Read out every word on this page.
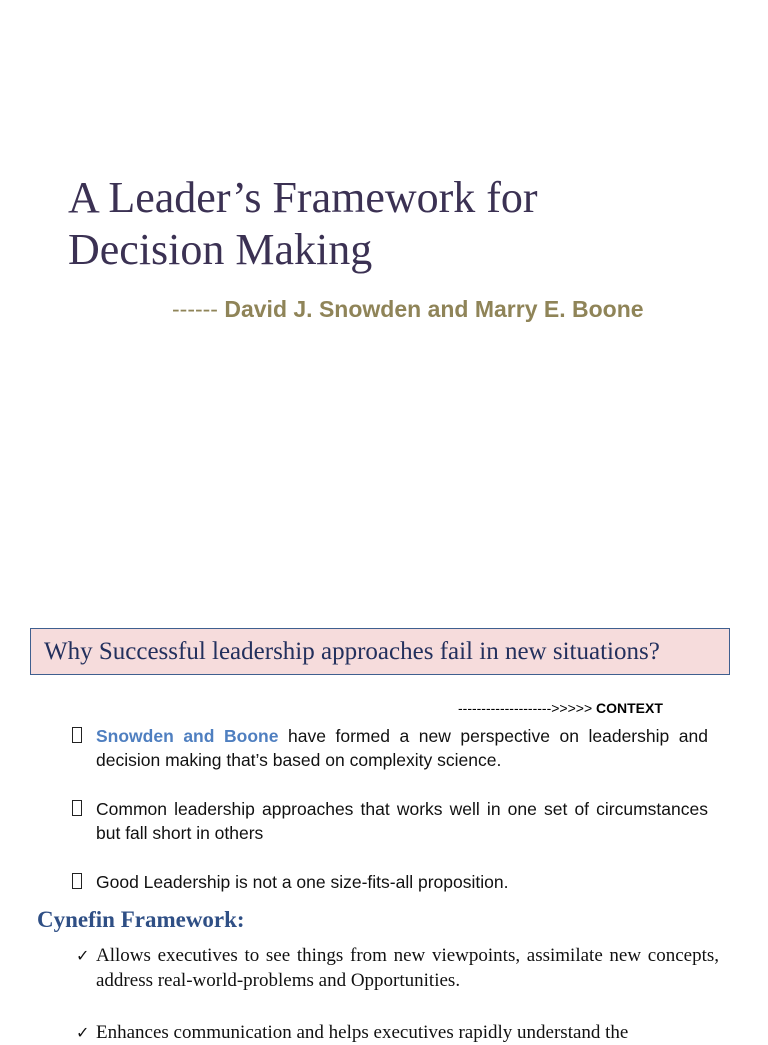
A Leader’s Framework for
Decision Making
------ David J. Snowden and Marry E. Boone
Why Successful leadership approaches fail in new situations?
-------------------->>>>> CONTEXT
Snowden and Boone have formed a new perspective on leadership and decision making that’s based on complexity science.
Common leadership approaches that works well in one set of circumstances but fall short in others
Good Leadership is not a one size-fits-all proposition.
Cynefin Framework:
✓ Allows executives to see things from new viewpoints, assimilate new concepts, address real-world-problems and Opportunities.
✓ Enhances communication and helps executives rapidly understand the
